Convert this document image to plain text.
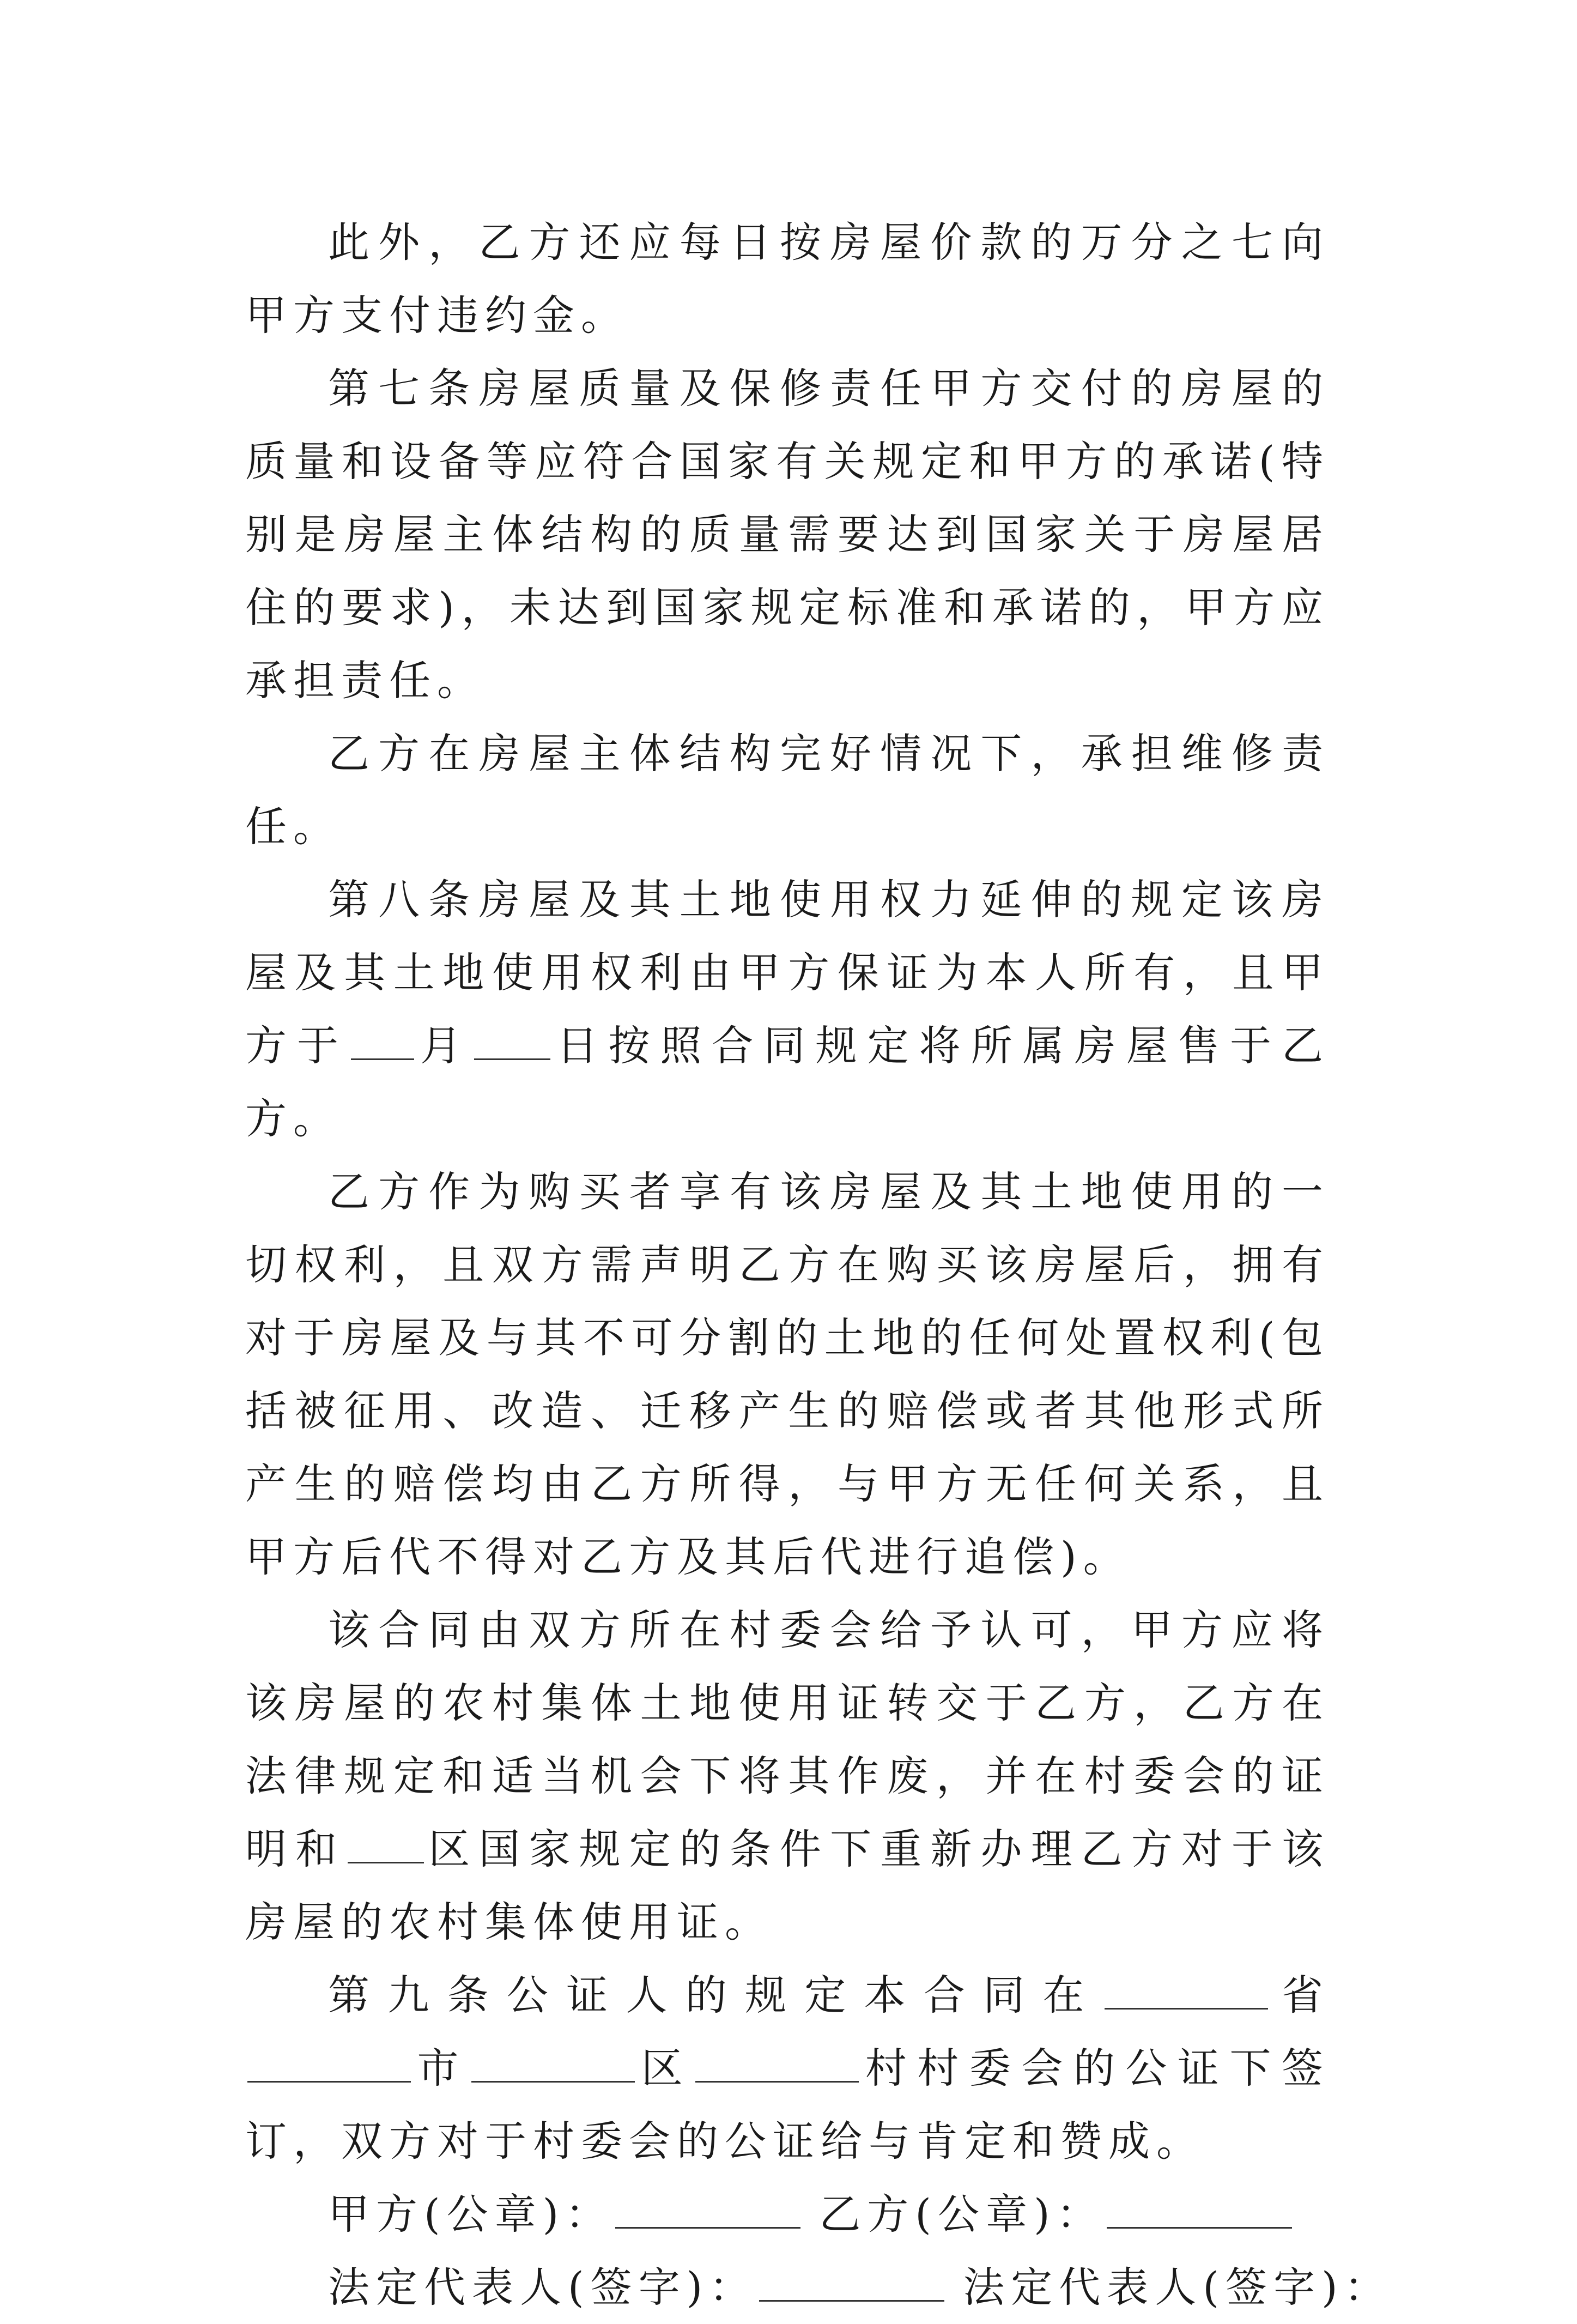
此外，乙方还应每日按房屋价款的万分之七向甲方支付违约金。

第七条房屋质量及保修责任甲方交付的房屋的质量和设备等应符合国家有关规定和甲方的承诺(特别是房屋主体结构的质量需要达到国家关于房屋居住的要求)，未达到国家规定标准和承诺的，甲方应承担责任。

乙方在房屋主体结构完好情况下，承担维修责任。

第八条房屋及其土地使用权力延伸的规定该房屋及其土地使用权利由甲方保证为本人所有，且甲方于 月 日按照合同规定将所属房屋售于乙方。

乙方作为购买者享有该房屋及其土地使用的一切权利，且双方需声明乙方在购买该房屋后，拥有对于房屋及与其不可分割的土地的任何处置权利(包括被征用、改造、迁移产生的赔偿或者其他形式所产生的赔偿均由乙方所得，与甲方无任何关系，且甲方后代不得对乙方及其后代进行追偿)。

该合同由双方所在村委会给予认可，甲方应将该房屋的农村集体土地使用证转交于乙方，乙方在法律规定和适当机会下将其作废，并在村委会的证明和 区国家规定的条件下重新办理乙方对于该房屋的农村集体使用证。

第九条公证人的规定本合同在	省市	区	村村委会的公证下签订，双方对于村委会的公证给与肯定和赞成。

甲方(公章)：	乙方(公章)：
法定代表人(签字)：	法定代表人(签字)：
